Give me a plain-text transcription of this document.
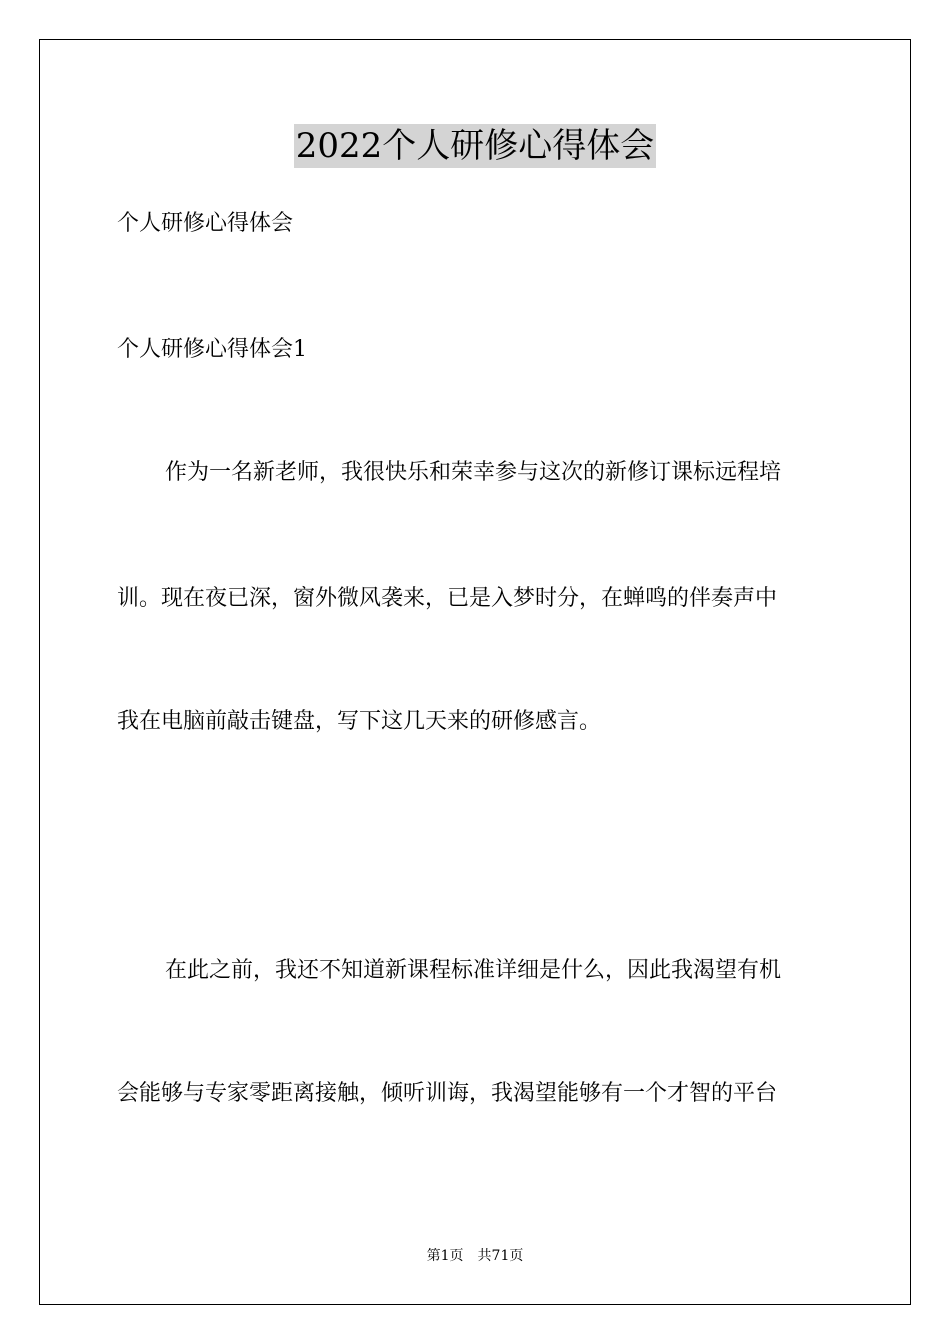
2022个人研修心得体会

个人研修心得体会

个人研修心得体会1

作为一名新老师，我很快乐和荣幸参与这次的新修订课标远程培

训。现在夜已深，窗外微风袭来，已是入梦时分，在蝉鸣的伴奏声中

我在电脑前敲击键盘，写下这几天来的研修感言。

在此之前，我还不知道新课程标准详细是什么，因此我渴望有机

会能够与专家零距离接触，倾听训诲，我渴望能够有一个才智的平台

第1页 共71页
